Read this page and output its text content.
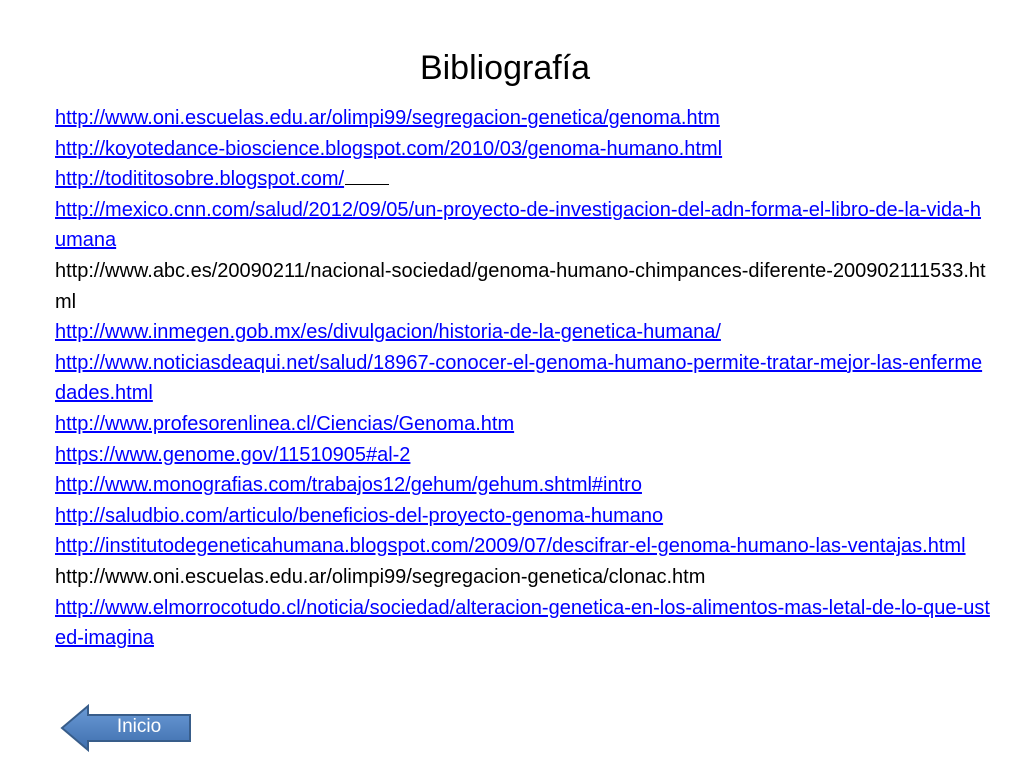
Bibliografía
http://www.oni.escuelas.edu.ar/olimpi99/segregacion-genetica/genoma.htm
http://koyotedance-bioscience.blogspot.com/2010/03/genoma-humano.html
http://todititosobre.blogspot.com/
http://mexico.cnn.com/salud/2012/09/05/un-proyecto-de-investigacion-del-adn-forma-el-libro-de-la-vida-humana
http://www.abc.es/20090211/nacional-sociedad/genoma-humano-chimpances-diferente-200902111533.html
http://www.inmegen.gob.mx/es/divulgacion/historia-de-la-genetica-humana/
http://www.noticiasdeaqui.net/salud/18967-conocer-el-genoma-humano-permite-tratar-mejor-las-enfermedades.html
http://www.profesorenlinea.cl/Ciencias/Genoma.htm
https://www.genome.gov/11510905#al-2
http://www.monografias.com/trabajos12/gehum/gehum.shtml#intro
http://saludbio.com/articulo/beneficios-del-proyecto-genoma-humano
http://institutodegeneticahumana.blogspot.com/2009/07/descifrar-el-genoma-humano-las-ventajas.html
http://www.oni.escuelas.edu.ar/olimpi99/segregacion-genetica/clonac.htm
http://www.elmorrocotudo.cl/noticia/sociedad/alteracion-genetica-en-los-alimentos-mas-letal-de-lo-que-usted-imagina
Inicio
